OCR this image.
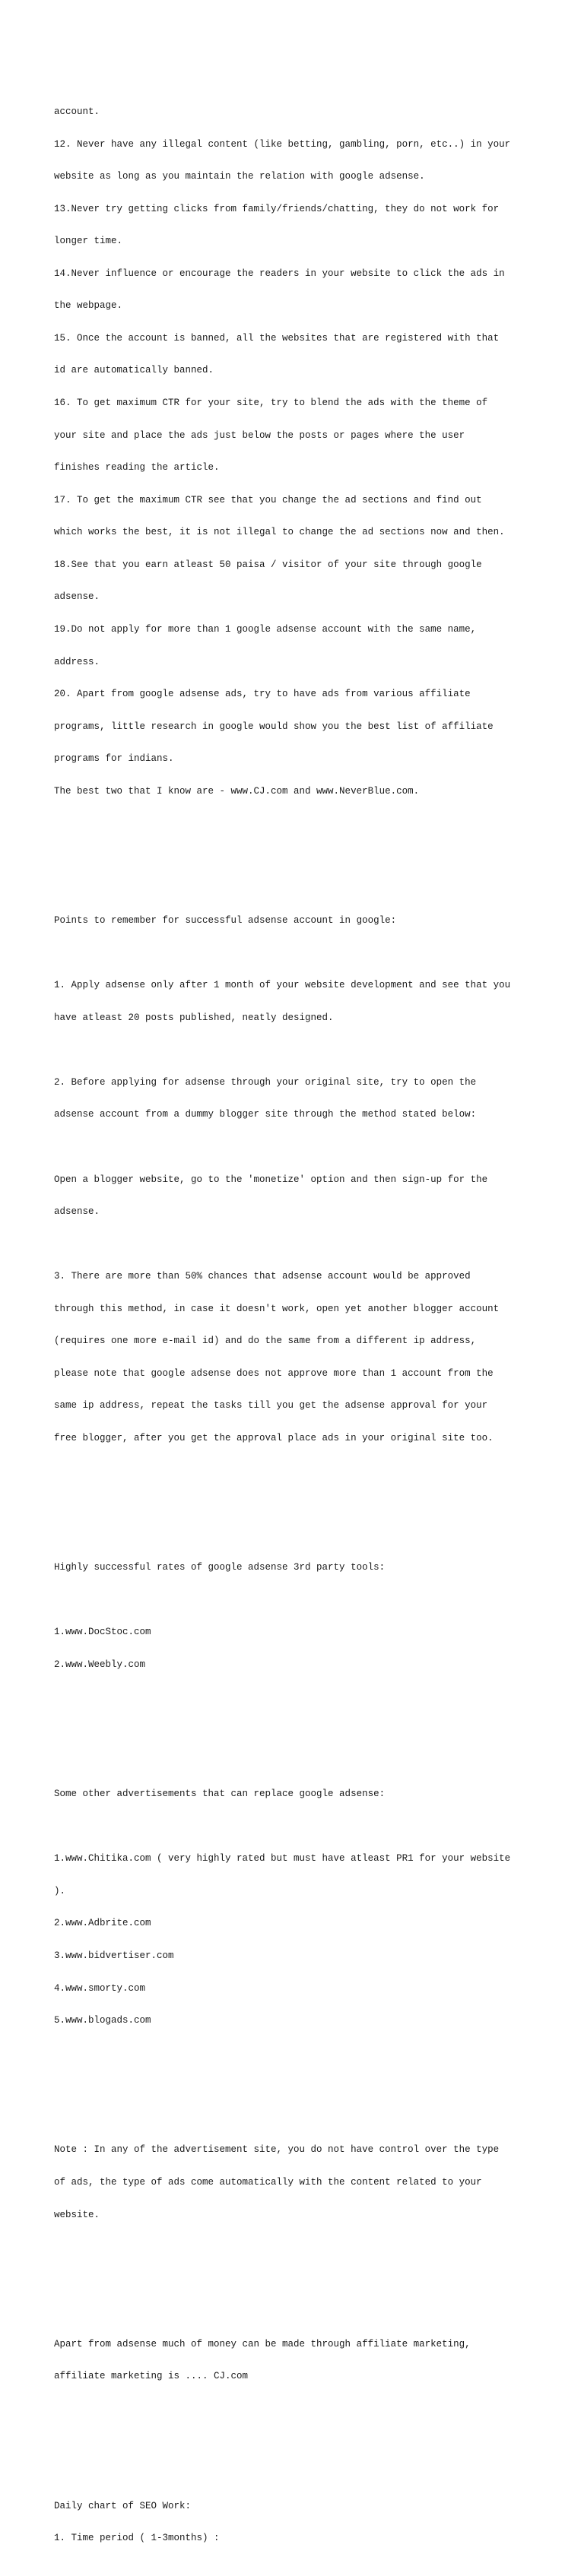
account.

12. Never have any illegal content (like betting, gambling, porn, etc..) in your

website as long as you maintain the relation with google adsense.

13.Never try getting clicks from family/friends/chatting, they do not work for

longer time.

14.Never influence or encourage the readers in your website to click the ads in

the webpage.

15. Once the account is banned, all the websites that are registered with that

id are automatically banned.

16. To get maximum CTR for your site, try to blend the ads with the theme of

your site and place the ads just below the posts or pages where the user

finishes reading the article.

17. To get the maximum CTR see that you change the ad sections and find out

which works the best, it is not illegal to change the ad sections now and then.

18.See that you earn atleast 50 paisa / visitor of your site through google

adsense.

19.Do not apply for more than 1 google adsense account with the same name,

address.

20. Apart from google adsense ads, try to have ads from various affiliate

programs, little research in google would show you the best list of affiliate

programs for indians.

The best two that I know are - www.CJ.com and www.NeverBlue.com.

Points to remember for successful adsense account in google:

1. Apply adsense only after 1 month of your website development and see that you

have atleast 20 posts published, neatly designed.

2. Before applying for adsense through your original site, try to open the

adsense account from a dummy blogger site through the method stated below:

Open a blogger website, go to the 'monetize' option and then sign-up for the

adsense.

3. There are more than 50% chances that adsense account would be approved

through this method, in case it doesn't work, open yet another blogger account

(requires one more e-mail id) and do the same from a different ip address,

please note that google adsense does not approve more than 1 account from the

same ip address, repeat the tasks till you get the adsense approval for your

free blogger, after you get the approval place ads in your original site too.

Highly successful rates of google adsense 3rd party tools:

1.www.DocStoc.com

2.www.Weebly.com

Some other advertisements that can replace google adsense:

1.www.Chitika.com ( very highly rated but must have atleast PR1 for your website

).

2.www.Adbrite.com

3.www.bidvertiser.com

4.www.smorty.com

5.www.blogads.com

Note : In any of the advertisement site, you do not have control over the type

of ads, the type of ads come automatically with the content related to your

website.

Apart from adsense much of money can be made through affiliate marketing,

affiliate marketing is .... CJ.com

Daily chart of SEO Work:

1. Time period ( 1-3months) :
